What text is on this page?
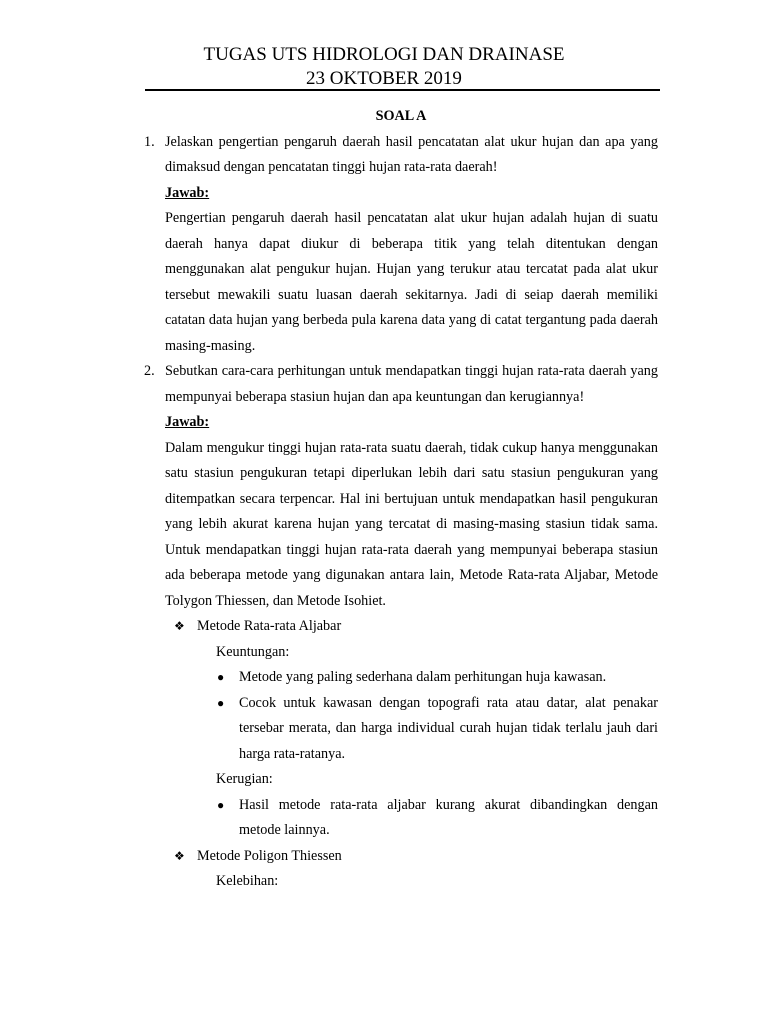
TUGAS UTS HIDROLOGI DAN DRAINASE
23 OKTOBER 2019

SOAL A

1. Jelaskan pengertian pengaruh daerah hasil pencatatan alat ukur hujan dan apa yang dimaksud dengan pencatatan tinggi hujan rata-rata daerah!

Jawab:

Pengertian pengaruh daerah hasil pencatatan alat ukur hujan adalah hujan di suatu daerah hanya dapat diukur di beberapa titik yang telah ditentukan dengan menggunakan alat pengukur hujan. Hujan yang terukur atau tercatat pada alat ukur tersebut mewakili suatu luasan daerah sekitarnya. Jadi di seiap daerah memiliki catatan data hujan yang berbeda pula karena data yang di catat tergantung pada daerah masing-masing.

2. Sebutkan cara-cara perhitungan untuk mendapatkan tinggi hujan rata-rata daerah yang mempunyai beberapa stasiun hujan dan apa keuntungan dan kerugiannya!

Jawab:

Dalam mengukur tinggi hujan rata-rata suatu daerah, tidak cukup hanya menggunakan satu stasiun pengukuran tetapi diperlukan lebih dari satu stasiun pengukuran yang ditempatkan secara terpencar. Hal ini bertujuan untuk mendapatkan hasil pengukuran yang lebih akurat karena hujan yang tercatat di masing-masing stasiun tidak sama. Untuk mendapatkan tinggi hujan rata-rata daerah yang mempunyai beberapa stasiun ada beberapa metode yang digunakan antara lain, Metode Rata-rata Aljabar, Metode Tolygon Thiessen, dan Metode Isohiet.

❖ Metode Rata-rata Aljabar

Keuntungan:

● Metode yang paling sederhana dalam perhitungan huja kawasan.

● Cocok untuk kawasan dengan topografi rata atau datar, alat penakar tersebar merata, dan harga individual curah hujan tidak terlalu jauh dari harga rata-ratanya.

Kerugian:

● Hasil metode rata-rata aljabar kurang akurat dibandingkan dengan metode lainnya.

❖ Metode Poligon Thiessen

Kelebihan:
